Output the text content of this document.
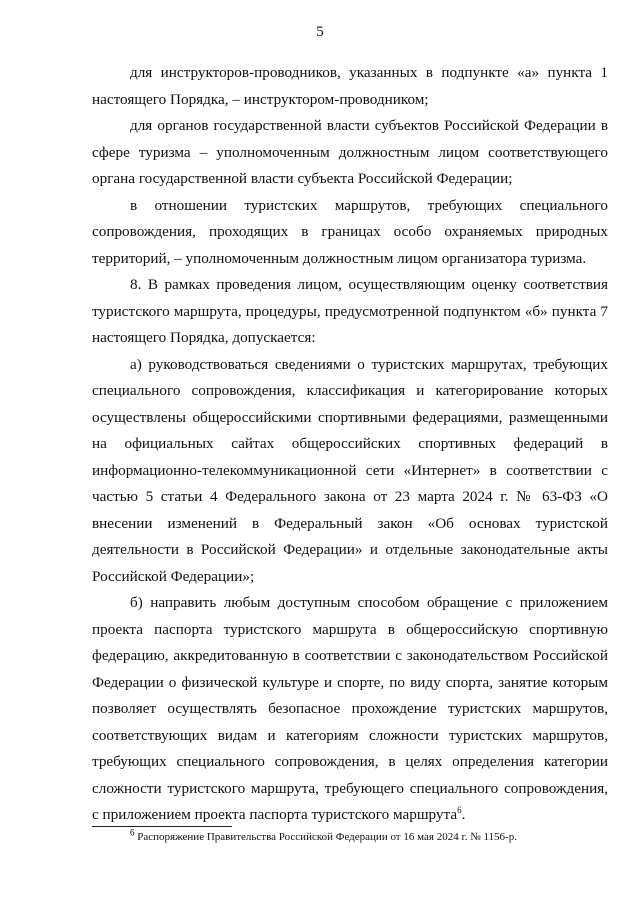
5

для инструкторов-проводников, указанных в подпункте «а» пункта 1 настоящего Порядка, – инструктором-проводником;

для органов государственной власти субъектов Российской Федерации в сфере туризма – уполномоченным должностным лицом соответствующего органа государственной власти субъекта Российской Федерации;

в отношении туристских маршрутов, требующих специального сопровождения, проходящих в границах особо охраняемых природных территорий, – уполномоченным должностным лицом организатора туризма.

8. В рамках проведения лицом, осуществляющим оценку соответствия туристского маршрута, процедуры, предусмотренной подпунктом «б» пункта 7 настоящего Порядка, допускается:

а) руководствоваться сведениями о туристских маршрутах, требующих специального сопровождения, классификация и категорирование которых осуществлены общероссийскими спортивными федерациями, размещенными на официальных сайтах общероссийских спортивных федераций в информационно-телекоммуникационной сети «Интернет» в соответствии с частью 5 статьи 4 Федерального закона от 23 марта 2024 г. № 63-ФЗ «О внесении изменений в Федеральный закон «Об основах туристской деятельности в Российской Федерации» и отдельные законодательные акты Российской Федерации»;

б) направить любым доступным способом обращение с приложением проекта паспорта туристского маршрута в общероссийскую спортивную федерацию, аккредитованную в соответствии с законодательством Российской Федерации о физической культуре и спорте, по виду спорта, занятие которым позволяет осуществлять безопасное прохождение туристских маршрутов, соответствующих видам и категориям сложности туристских маршрутов, требующих специального сопровождения, в целях определения категории сложности туристского маршрута, требующего специального сопровождения, с приложением проекта паспорта туристского маршрута$^6$.

$^6$ Распоряжение Правительства Российской Федерации от 16 мая 2024 г. № 1156-р.
